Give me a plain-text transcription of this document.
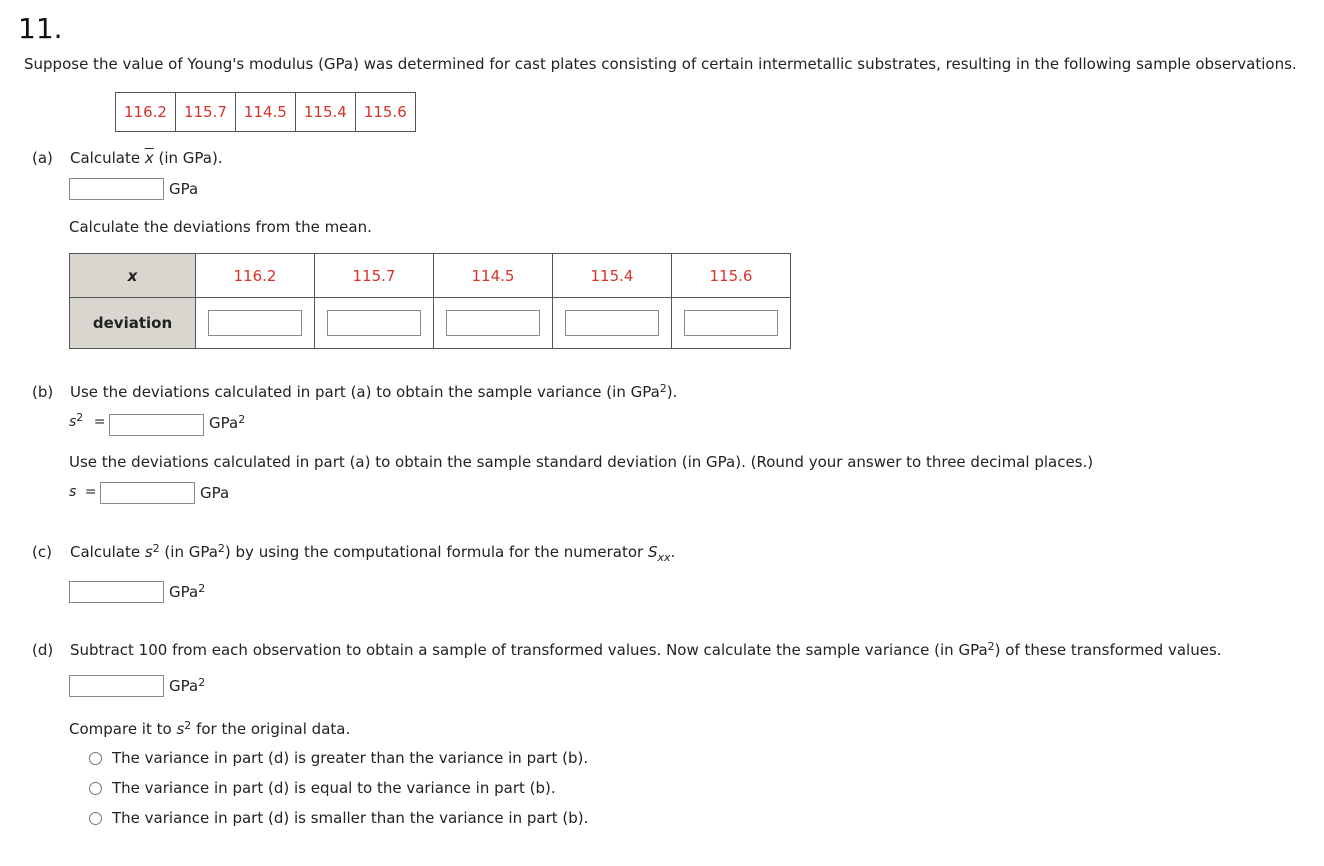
11.
Suppose the value of Young's modulus (GPa) was determined for cast plates consisting of certain intermetallic substrates, resulting in the following sample observations.
116.2	115.7	114.5	115.4	115.6
(a) Calculate $\overline{x}$ (in GPa).
GPa
Calculate the deviations from the mean.
x	116.2	115.7	114.5	115.4	115.6
deviation					
(b) Use the deviations calculated in part (a) to obtain the sample variance (in GPa$^2$).
$s^2$ =	GPa$^2$
Use the deviations calculated in part (a) to obtain the sample standard deviation (in GPa). (Round your answer to three decimal places.)
s =	GPa
(c) Calculate $s^2$ (in GPa$^2$) by using the computational formula for the numerator $S_{xx}$.
GPa$^2$
(d) Subtract 100 from each observation to obtain a sample of transformed values. Now calculate the sample variance (in GPa$^2$) of these transformed values.
GPa$^2$
Compare it to $s^2$ for the original data.
The variance in part (d) is greater than the variance in part (b).
The variance in part (d) is equal to the variance in part (b).
The variance in part (d) is smaller than the variance in part (b).
